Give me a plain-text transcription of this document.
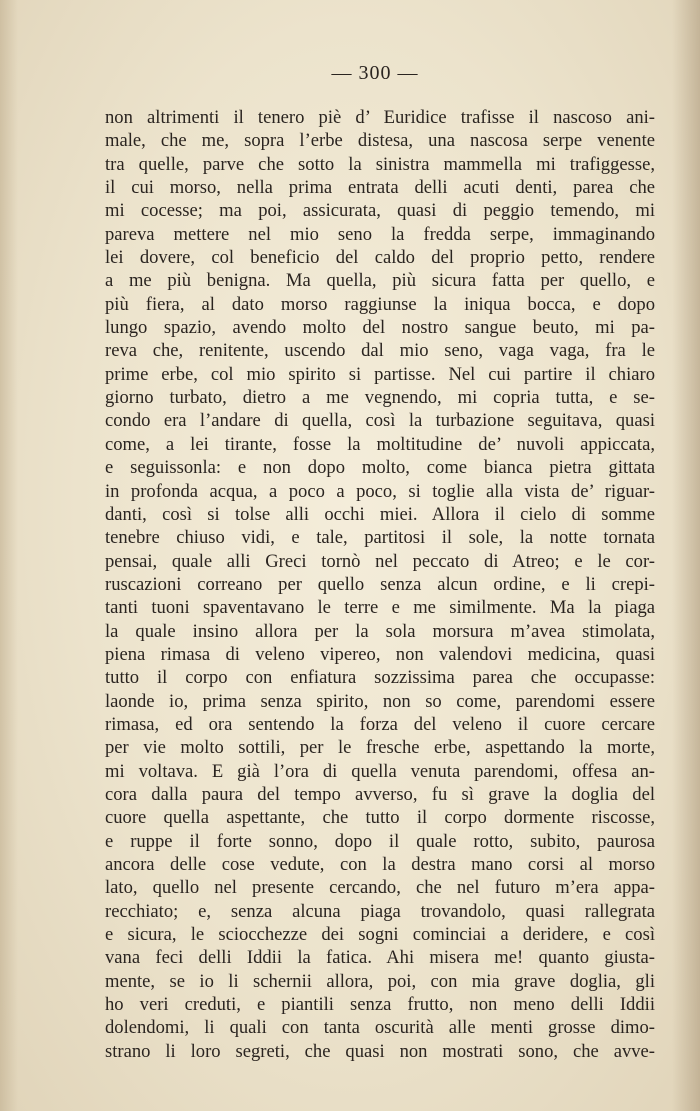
— 300 —
non altrimenti il tenero piè d’ Euridice trafisse il nascoso ani-
male, che me, sopra l’erbe distesa, una nascosa serpe venente
tra quelle, parve che sotto la sinistra mammella mi trafiggesse,
il cui morso, nella prima entrata delli acuti denti, parea che
mi cocesse; ma poi, assicurata, quasi di peggio temendo, mi
pareva mettere nel mio seno la fredda serpe, immaginando
lei dovere, col beneficio del caldo del proprio petto, rendere
a me più benigna. Ma quella, più sicura fatta per quello, e
più fiera, al dato morso raggiunse la iniqua bocca, e dopo
lungo spazio, avendo molto del nostro sangue beuto, mi pa-
reva che, renitente, uscendo dal mio seno, vaga vaga, fra le
prime erbe, col mio spirito si partisse. Nel cui partire il chiaro
giorno turbato, dietro a me vegnendo, mi copria tutta, e se-
condo era l’andare di quella, così la turbazione seguitava, quasi
come, a lei tirante, fosse la moltitudine de’ nuvoli appiccata,
e seguissonla: e non dopo molto, come bianca pietra gittata
in profonda acqua, a poco a poco, si toglie alla vista de’ riguar-
danti, così si tolse alli occhi miei. Allora il cielo di somme
tenebre chiuso vidi, e tale, partitosi il sole, la notte tornata
pensai, quale alli Greci tornò nel peccato di Atreo; e le cor-
ruscazioni correano per quello senza alcun ordine, e li crepi-
tanti tuoni spaventavano le terre e me similmente. Ma la piaga
la quale insino allora per la sola morsura m’avea stimolata,
piena rimasa di veleno vipereo, non valendovi medicina, quasi
tutto il corpo con enfiatura sozzissima parea che occupasse:
laonde io, prima senza spirito, non so come, parendomi essere
rimasa, ed ora sentendo la forza del veleno il cuore cercare
per vie molto sottili, per le fresche erbe, aspettando la morte,
mi voltava. E già l’ora di quella venuta parendomi, offesa an-
cora dalla paura del tempo avverso, fu sì grave la doglia del
cuore quella aspettante, che tutto il corpo dormente riscosse,
e ruppe il forte sonno, dopo il quale rotto, subito, paurosa
ancora delle cose vedute, con la destra mano corsi al morso
lato, quello nel presente cercando, che nel futuro m’era appa-
recchiato; e, senza alcuna piaga trovandolo, quasi rallegrata
e sicura, le sciocchezze dei sogni cominciai a deridere, e così
vana feci delli Iddii la fatica. Ahi misera me! quanto giusta-
mente, se io li schernii allora, poi, con mia grave doglia, gli
ho veri creduti, e piantili senza frutto, non meno delli Iddii
dolendomi, li quali con tanta oscurità alle menti grosse dimo-
strano li loro segreti, che quasi non mostrati sono, che avve-
